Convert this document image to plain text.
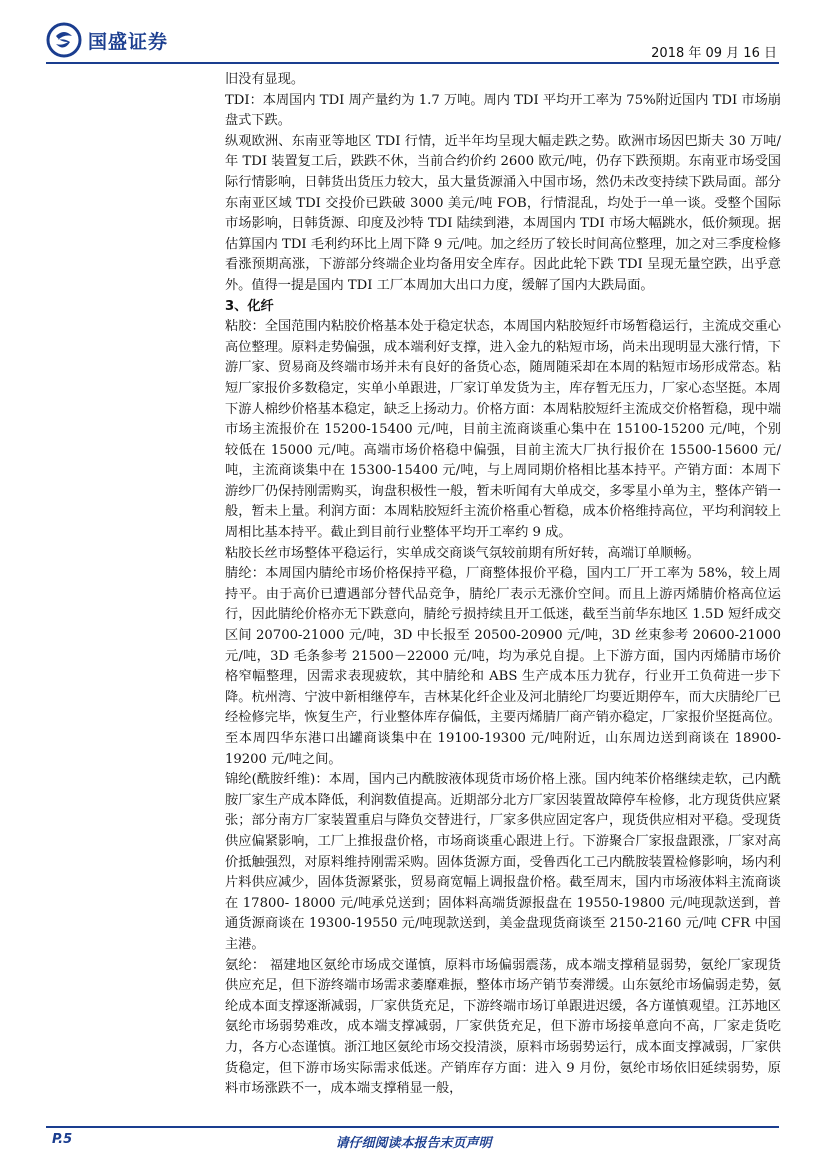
国盛证券
2018 年 09 月 16 日

旧没有显现。

TDI：本周国内 TDI 周产量约为 1.7 万吨。周内 TDI 平均开工率为 75%附近国内 TDI 市场崩盘式下跌。

纵观欧洲、东南亚等地区 TDI 行情，近半年均呈现大幅走跌之势。欧洲市场因巴斯夫 30 万吨/年 TDI 装置复工后，跌跌不休，当前合约价约 2600 欧元/吨，仍存下跌预期。东南亚市场受国际行情影响，日韩货出货压力较大，虽大量货源涌入中国市场，然仍未改变持续下跌局面。部分东南亚区域 TDI 交投价已跌破 3000 美元/吨 FOB，行情混乱，均处于一单一谈。受整个国际市场影响，日韩货源、印度及沙特 TDI 陆续到港，本周国内 TDI 市场大幅跳水，低价频现。据估算国内 TDI 毛利约环比上周下降 9 元/吨。加之经历了较长时间高位整理，加之对三季度检修看涨预期高涨，下游部分终端企业均备用安全库存。因此此轮下跌 TDI 呈现无量空跌，出乎意外。值得一提是国内 TDI 工厂本周加大出口力度，缓解了国内大跌局面。

3、化纤

粘胶：全国范围内粘胶价格基本处于稳定状态，本周国内粘胶短纤市场暂稳运行，主流成交重心高位整理。原料走势偏强，成本端利好支撑，进入金九的粘短市场，尚未出现明显大涨行情，下游厂家、贸易商及终端市场并未有良好的备货心态，随周随采却在本周的粘短市场形成常态。粘短厂家报价多数稳定，实单小单跟进，厂家订单发货为主，库存暂无压力，厂家心态坚挺。本周下游人棉纱价格基本稳定，缺乏上扬动力。价格方面：本周粘胶短纤主流成交价格暂稳，现中端市场主流报价在 15200-15400 元/吨，目前主流商谈重心集中在 15100-15200 元/吨，个别较低在 15000 元/吨。高端市场价格稳中偏强，目前主流大厂执行报价在 15500-15600 元/吨，主流商谈集中在 15300-15400 元/吨，与上周同期价格相比基本持平。产销方面：本周下游纱厂仍保持刚需购买，询盘积极性一般，暂未听闻有大单成交，多零星小单为主，整体产销一般，暂未上量。利润方面：本周粘胶短纤主流价格重心暂稳，成本价格维持高位，平均利润较上周相比基本持平。截止到目前行业整体平均开工率约 9 成。

粘胶长丝市场整体平稳运行，实单成交商谈气氛较前期有所好转，高端订单顺畅。

腈纶：本周国内腈纶市场价格保持平稳，厂商整体报价平稳，国内工厂开工率为 58%，较上周持平。由于高价已遭遇部分替代品竞争，腈纶厂表示无涨价空间。而且上游丙烯腈价格高位运行，因此腈纶价格亦无下跌意向，腈纶亏损持续且开工低迷，截至当前华东地区 1.5D 短纤成交区间 20700-21000 元/吨，3D 中长报至 20500-20900 元/吨，3D 丝束参考 20600-21000 元/吨，3D 毛条参考 21500－22000 元/吨，均为承兑自提。上下游方面，国内丙烯腈市场价格窄幅整理，因需求表现疲软，其中腈纶和 ABS 生产成本压力犹存，行业开工负荷进一步下降。杭州湾、宁波中新相继停车，吉林某化纤企业及河北腈纶厂均要近期停车，而大庆腈纶厂已经检修完毕，恢复生产，行业整体库存偏低，主要丙烯腈厂商产销亦稳定，厂家报价坚挺高位。至本周四华东港口出罐商谈集中在 19100-19300 元/吨附近，山东周边送到商谈在 18900-19200 元/吨之间。

锦纶(酰胺纤维)：本周，国内己内酰胺液体现货市场价格上涨。国内纯苯价格继续走软，己内酰胺厂家生产成本降低，利润数值提高。近期部分北方厂家因装置故障停车检修，北方现货供应紧张；部分南方厂家装置重启与降负交替进行，厂家多供应固定客户，现货供应相对平稳。受现货供应偏紧影响，工厂上推报盘价格，市场商谈重心跟进上行。下游聚合厂家报盘跟涨，厂家对高价抵触强烈，对原料维持刚需采购。固体货源方面，受鲁西化工己内酰胺装置检修影响，场内利片料供应减少，固体货源紧张，贸易商宽幅上调报盘价格。截至周末，国内市场液体料主流商谈在 17800- 18000 元/吨承兑送到；固体料高端货源报盘在 19550-19800 元/吨现款送到，普通货源商谈在 19300-19550 元/吨现款送到，美金盘现货商谈至 2150-2160 元/吨 CFR 中国主港。

氨纶： 福建地区氨纶市场成交谨慎，原料市场偏弱震荡，成本端支撑稍显弱势，氨纶厂家现货供应充足，但下游终端市场需求萎靡难振，整体市场产销节奏滞缓。山东氨纶市场偏弱走势，氨纶成本面支撑逐渐减弱，厂家供货充足，下游终端市场订单跟进迟缓，各方谨慎观望。江苏地区氨纶市场弱势难改，成本端支撑减弱，厂家供货充足，但下游市场接单意向不高，厂家走货吃力，各方心态谨慎。浙江地区氨纶市场交投清淡，原料市场弱势运行，成本面支撑减弱，厂家供货稳定，但下游市场实际需求低迷。产销库存方面：进入 9 月份，氨纶市场依旧延续弱势，原料市场涨跌不一，成本端支撑稍显一般，

P.5	请仔细阅读本报告末页声明
